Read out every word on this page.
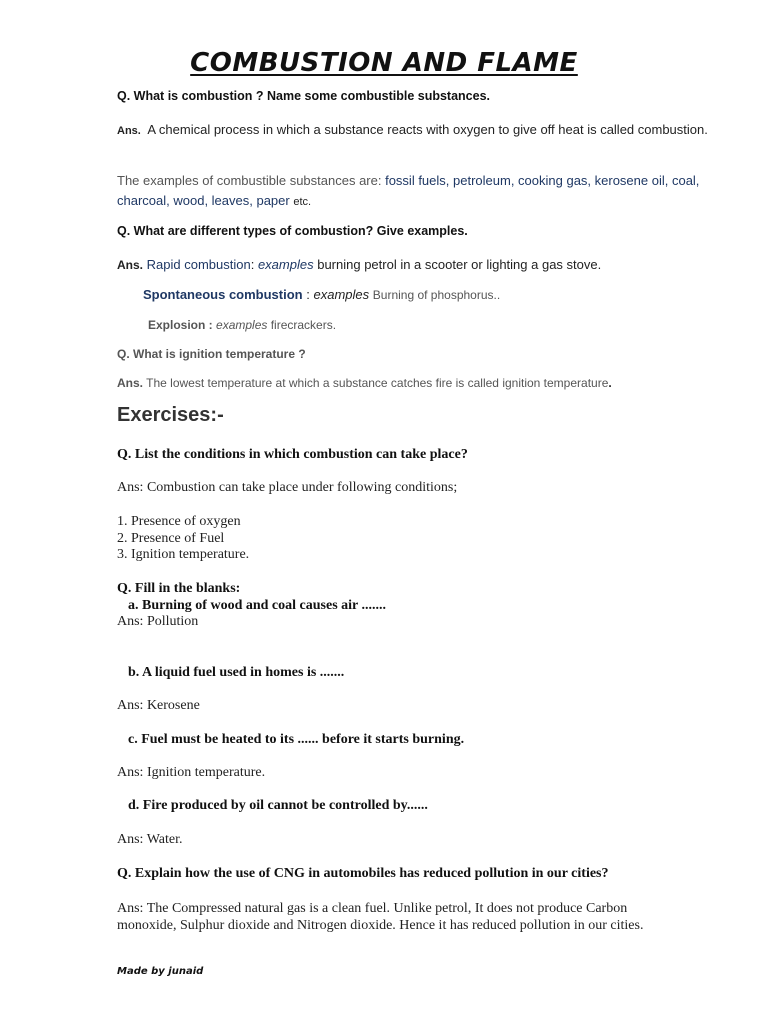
COMBUSTION AND FLAME
Q. What is combustion ? Name some combustible substances.
Ans. A chemical process in which a substance reacts with oxygen to give off heat is called combustion.
The examples of combustible substances are: fossil fuels, petroleum, cooking gas, kerosene oil, coal, charcoal, wood, leaves, paper etc.
Q. What are different types of combustion? Give examples.
Ans. Rapid combustion: examples burning petrol in a scooter or lighting a gas stove.
Spontaneous combustion : examples Burning of phosphorus..
Explosion : examples firecrackers.
Q. What is ignition temperature ?
Ans. The lowest temperature at which a substance catches fire is called ignition temperature.
Exercises:-
Q. List the conditions in which combustion can take place?
Ans: Combustion can take place under following conditions;
1. Presence of oxygen
2. Presence of Fuel
3. Ignition temperature.
Q. Fill in the blanks:
a. Burning of wood and coal causes air .......
Ans: Pollution
b. A liquid fuel used in homes is .......
Ans: Kerosene
c. Fuel must be heated to its ...... before it starts burning.
Ans: Ignition temperature.
d. Fire produced by oil cannot be controlled by......
Ans: Water.
Q. Explain how the use of CNG in automobiles has reduced pollution in our cities?
Ans: The Compressed natural gas is a clean fuel. Unlike petrol, It does not produce Carbon monoxide, Sulphur dioxide and Nitrogen dioxide. Hence it has reduced pollution in our cities.
Made by junaid
